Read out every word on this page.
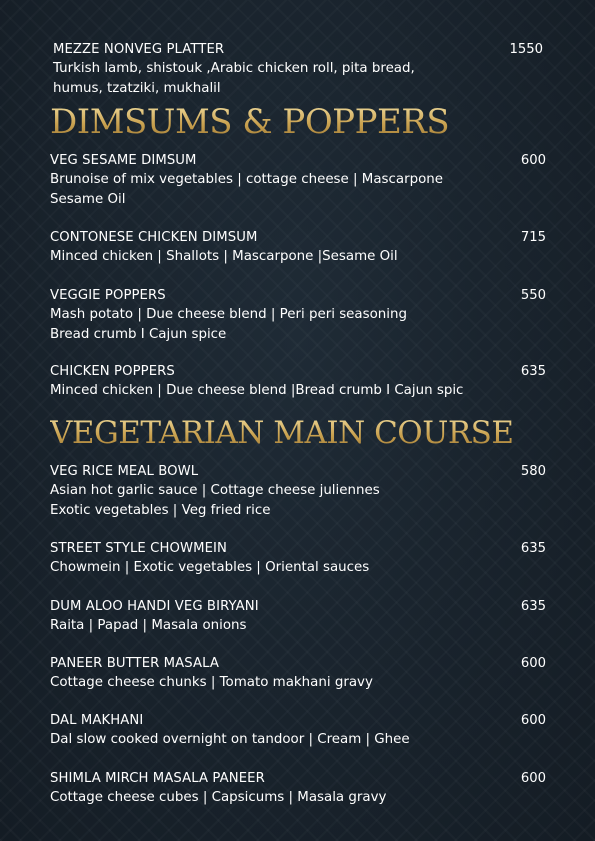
MEZZE NONVEG PLATTER	1550
Turkish lamb, shistouk ,Arabic chicken roll, pita bread,
humus, tzatziki, mukhalil
DIMSUMS & POPPERS
VEG SESAME DIMSUM	600
Brunoise of mix vegetables | cottage cheese | Mascarpone
Sesame Oil
CONTONESE CHICKEN DIMSUM	715
Minced chicken | Shallots | Mascarpone |Sesame Oil
VEGGIE POPPERS	550
Mash potato | Due cheese blend | Peri peri seasoning
Bread crumb I Cajun spice
CHICKEN POPPERS	635
Minced chicken | Due cheese blend |Bread crumb I Cajun spic
VEGETARIAN MAIN COURSE
VEG RICE MEAL BOWL	580
Asian hot garlic sauce | Cottage cheese juliennes
Exotic vegetables | Veg fried rice
STREET STYLE CHOWMEIN	635
Chowmein | Exotic vegetables | Oriental sauces
DUM ALOO HANDI VEG BIRYANI	635
Raita | Papad | Masala onions
PANEER BUTTER MASALA	600
Cottage cheese chunks | Tomato makhani gravy
DAL MAKHANI	600
Dal slow cooked overnight on tandoor | Cream | Ghee
SHIMLA MIRCH MASALA PANEER	600
Cottage cheese cubes | Capsicums | Masala gravy
